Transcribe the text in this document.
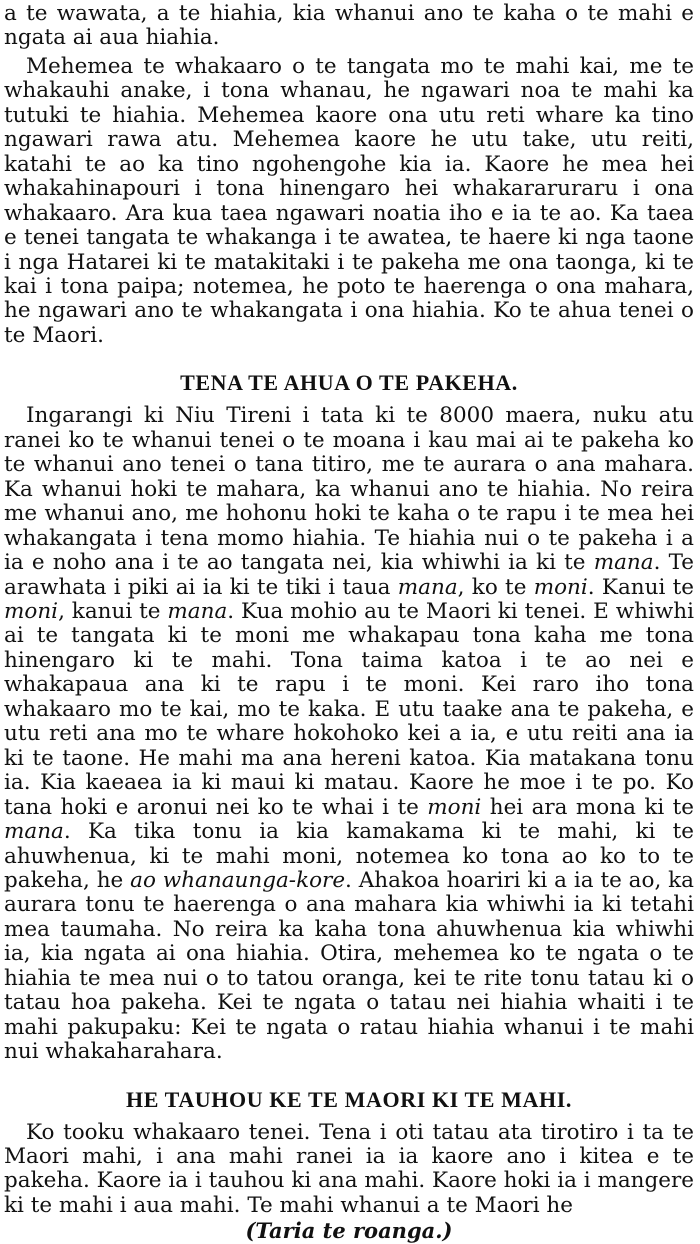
a te wawata, a te hiahia, kia whanui ano te kaha o te mahi e ngata ai aua hiahia.

Mehemea te whakaaro o te tangata mo te mahi kai, me te whakauhi anake, i tona whanau, he ngawari noa te mahi ka tutuki te hiahia. Mehemea kaore ona utu reti whare ka tino ngawari rawa atu. Mehemea kaore he utu take, utu reiti, katahi te ao ka tino ngohengohe kia ia. Kaore he mea hei whakahinapouri i tona hinengaro hei whakararuraru i ona whakaaro. Ara kua taea ngawari noatia iho e ia te ao. Ka taea e tenei tangata te whakanga i te awatea, te haere ki nga taone i nga Hatarei ki te matakitaki i te pakeha me ona taonga, ki te kai i tona paipa; notemea, he poto te haerenga o ona mahara, he ngawari ano te whakangata i ona hiahia. Ko te ahua tenei o te Maori.

TENA TE AHUA O TE PAKEHA.

Ingarangi ki Niu Tireni i tata ki te 8000 maera, nuku atu ranei ko te whanui tenei o te moana i kau mai ai te pakeha ko te whanui ano tenei o tana titiro, me te aurara o ana mahara. Ka whanui hoki te mahara, ka whanui ano te hiahia. No reira me whanui ano, me hohonu hoki te kaha o te rapu i te mea hei whakangata i tena momo hiahia. Te hiahia nui o te pakeha i a ia e noho ana i te ao tangata nei, kia whiwhi ia ki te mana. Te arawhata i piki ai ia ki te tiki i taua mana, ko te moni. Kanui te moni, kanui te mana. Kua mohio au te Maori ki tenei. E whiwhi ai te tangata ki te moni me whakapau tona kaha me tona hinengaro ki te mahi. Tona taima katoa i te ao nei e whakapaua ana ki te rapu i te moni. Kei raro iho tona whakaaro mo te kai, mo te kaka. E utu taake ana te pakeha, e utu reti ana mo te whare hokohoko kei a ia, e utu reiti ana ia ki te taone. He mahi ma ana hereni katoa. Kia matakana tonu ia. Kia kaeaea ia ki maui ki matau. Kaore he moe i te po. Ko tana hoki e aronui nei ko te whai i te moni hei ara mona ki te mana. Ka tika tonu ia kia kamakama ki te mahi, ki te ahuwhenua, ki te mahi moni, notemea ko tona ao ko to te pakeha, he ao whanaunga-kore. Ahakoa hoariri ki a ia te ao, ka aurara tonu te haerenga o ana mahara kia whiwhi ia ki tetahi mea taumaha. No reira ka kaha tona ahuwhenua kia whiwhi ia, kia ngata ai ona hiahia. Otira, mehemea ko te ngata o te hiahia te mea nui o to tatou oranga, kei te rite tonu tatau ki o tatau hoa pakeha. Kei te ngata o tatau nei hiahia whaiti i te mahi pakupaku: Kei te ngata o ratau hiahia whanui i te mahi nui whakaharahara.

HE TAUHOU KE TE MAORI KI TE MAHI.

Ko tooku whakaaro tenei. Tena i oti tatau ata tirotiro i ta te Maori mahi, i ana mahi ranei ia ia kaore ano i kitea e te pakeha. Kaore ia i tauhou ki ana mahi. Kaore hoki ia i mangere ki te mahi i aua mahi. Te mahi whanui a te Maori he

(Taria te roanga.)
